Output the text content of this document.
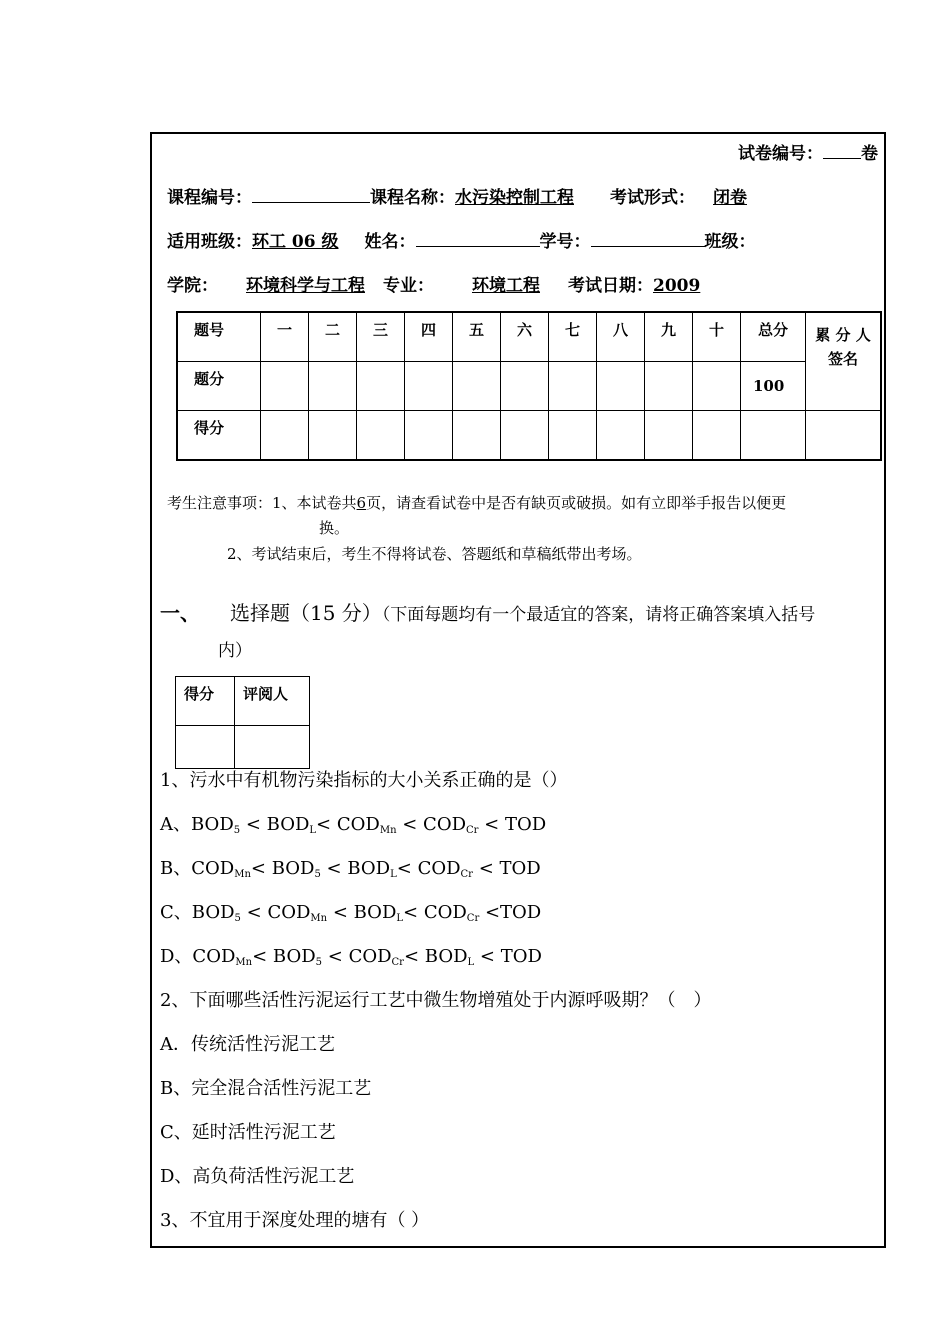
试卷编号： 卷
课程编号：	课程名称：水污染控制工程 考试形式： 闭卷
适用班级：环工 06 级 姓名：	学号：	班级：
学院： 环境科学与工程 专业： 环境工程 考试日期：2009
题号	一	二	三	四	五	六	七	八	九	十	总分	累 分 人
签名

题分											100	
得分												
考生注意事项：1、本试卷共6页，请查看试卷中是否有缺页或破损。如有立即举手报告以便更
换。
2、考试结束后，考生不得将试卷、答题纸和草稿纸带出考场。
一、 选择题（15 分）（下面每题均有一个最适宜的答案，请将正确答案填入括号
内）
得分	评阅人

1、污水中有机物污染指标的大小关系正确的是（）
A、$BOD_5 < BOD_L< COD_{Mn} < COD_{Cr}$ < TOD
B、$COD_{Mn}< BOD_5 < BOD_L< COD_{Cr}$ < TOD
C、$BOD_5 < COD_{Mn} < BOD_L< COD_{Cr} <TOD$
D、$COD_{Mn}< BOD_5 < COD_{Cr}< BOD_L$ < TOD
2、下面哪些活性污泥运行工艺中微生物增殖处于内源呼吸期？（　）
A．传统活性污泥工艺
B、完全混合活性污泥工艺
C、延时活性污泥工艺
D、高负荷活性污泥工艺
3、不宜用于深度处理的塘有（ ）
